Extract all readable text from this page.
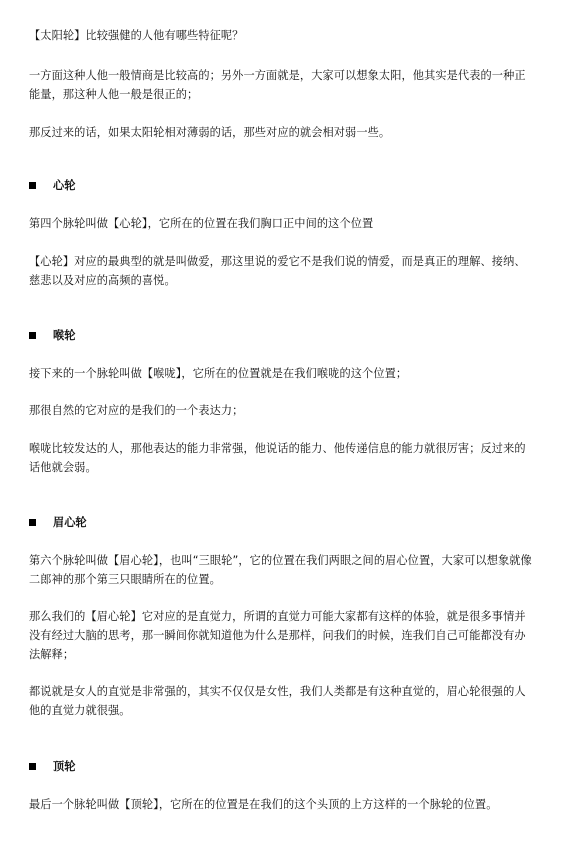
【太阳轮】比较强健的人他有哪些特征呢？

一方面这种人他一般情商是比较高的；另外一方面就是，大家可以想象太阳，他其实是代表的一种正能量，那这种人他一般是很正的；

那反过来的话，如果太阳轮相对薄弱的话，那些对应的就会相对弱一些。

心轮

第四个脉轮叫做【心轮】，它所在的位置在我们胸口正中间的这个位置

【心轮】对应的最典型的就是叫做爱，那这里说的爱它不是我们说的情爱，而是真正的理解、接纳、慈悲以及对应的高频的喜悦。

喉轮

接下来的一个脉轮叫做【喉咙】，它所在的位置就是在我们喉咙的这个位置；

那很自然的它对应的是我们的一个表达力；

喉咙比较发达的人，那他表达的能力非常强，他说话的能力、他传递信息的能力就很厉害；反过来的话他就会弱。

眉心轮

第六个脉轮叫做【眉心轮】，也叫“三眼轮”，它的位置在我们两眼之间的眉心位置，大家可以想象就像二郎神的那个第三只眼睛所在的位置。

那么我们的【眉心轮】它对应的是直觉力，所谓的直觉力可能大家都有这样的体验，就是很多事情并没有经过大脑的思考，那一瞬间你就知道他为什么是那样，问我们的时候，连我们自己可能都没有办法解释；

都说就是女人的直觉是非常强的，其实不仅仅是女性，我们人类都是有这种直觉的，眉心轮很强的人他的直觉力就很强。

顶轮

最后一个脉轮叫做【顶轮】，它所在的位置是在我们的这个头顶的上方这样的一个脉轮的位置。
